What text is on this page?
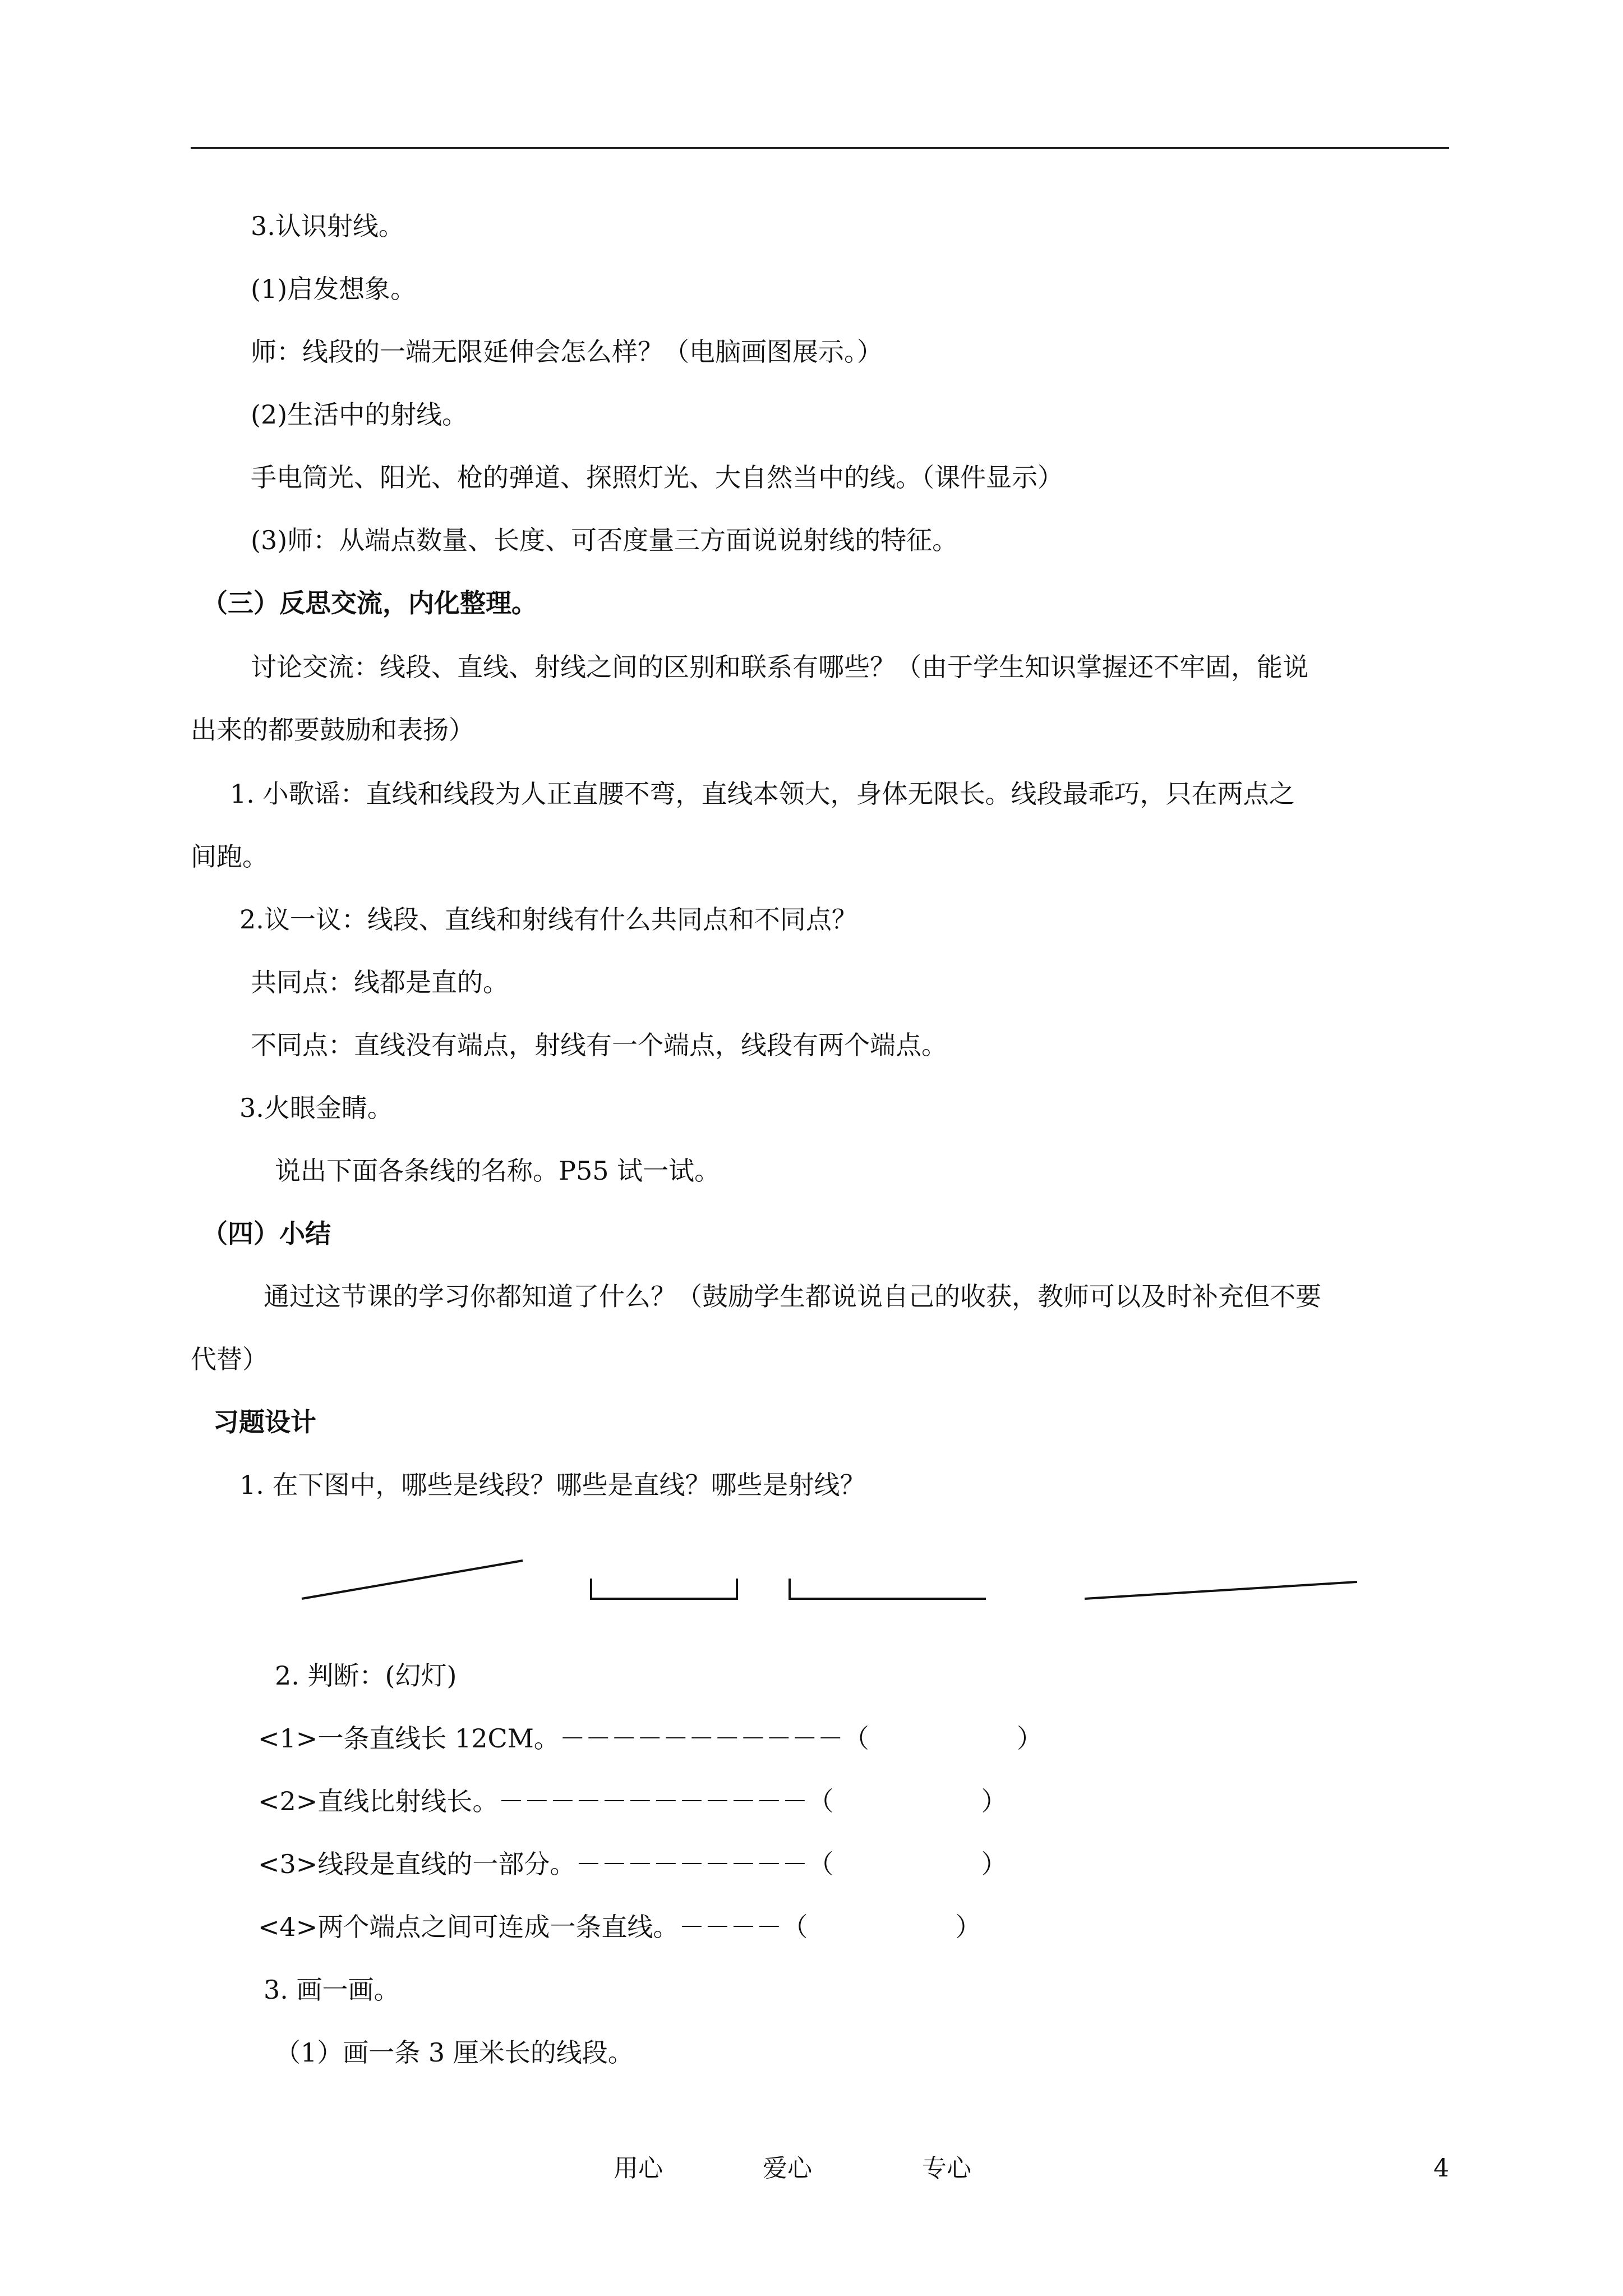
3.认识射线。
(1)启发想象。
师：线段的一端无限延伸会怎么样？（电脑画图展示。）
(2)生活中的射线。
手电筒光、阳光、枪的弹道、探照灯光、大自然当中的线。（课件显示）
(3)师：从端点数量、长度、可否度量三方面说说射线的特征。
（三）反思交流，内化整理。
讨论交流：线段、直线、射线之间的区别和联系有哪些？（由于学生知识掌握还不牢固，能说
出来的都要鼓励和表扬）
1. 小歌谣：直线和线段为人正直腰不弯，直线本领大，身体无限长。线段最乖巧，只在两点之
间跑。
2.议一议：线段、直线和射线有什么共同点和不同点？
共同点：线都是直的。
不同点：直线没有端点，射线有一个端点，线段有两个端点。
3.火眼金睛。
说出下面各条线的名称。P55 试一试。
（四）小结
通过这节课的学习你都知道了什么？（鼓励学生都说说自己的收获，教师可以及时补充但不要
代替）
习题设计
1. 在下图中，哪些是线段？哪些是直线？哪些是射线？
2. 判断：(幻灯)
<1>一条直线长 12CM。－－－－－－－－－－－（                  ）
<2>直线比射线长。－－－－－－－－－－－－（                  ）
<3>线段是直线的一部分。－－－－－－－－－（                  ）
<4>两个端点之间可连成一条直线。－－－－（                  ）
3. 画一画。
（1）画一条 3 厘米长的线段。
用心	爱心	专心	4
